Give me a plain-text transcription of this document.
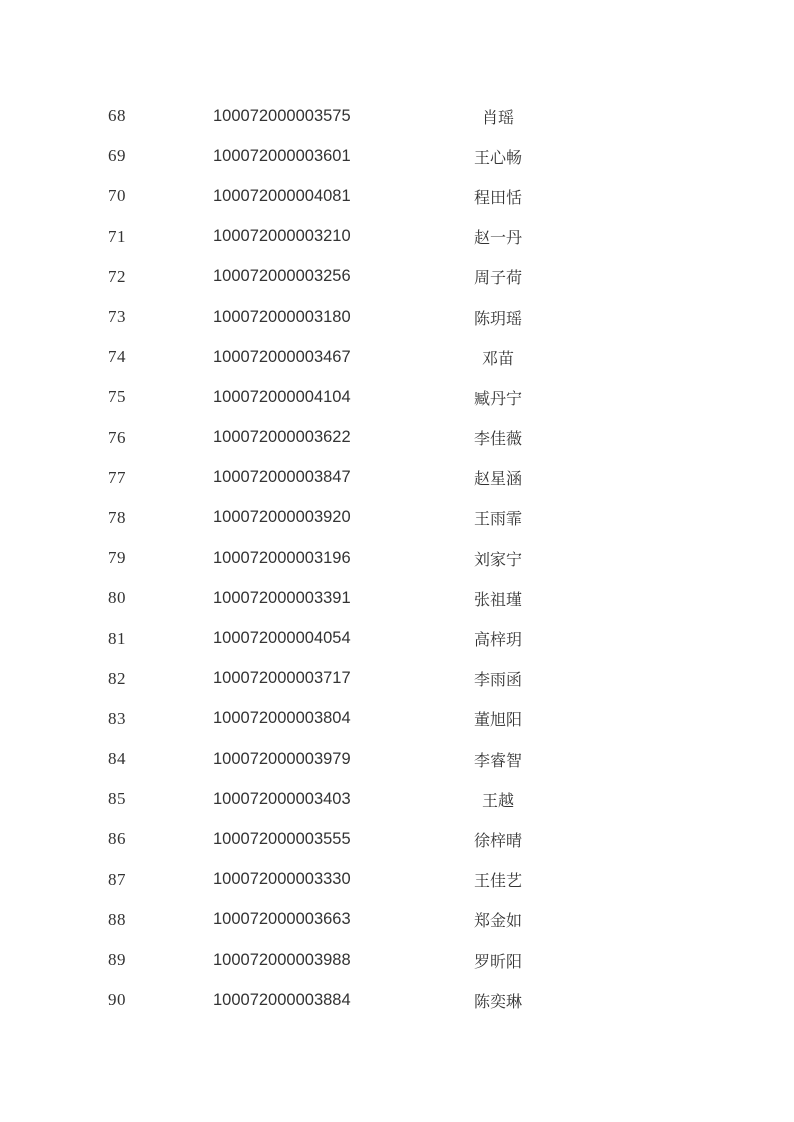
68	100072000003575	肖瑶
69	100072000003601	王心畅
70	100072000004081	程田恬
71	100072000003210	赵一丹
72	100072000003256	周子荷
73	100072000003180	陈玥瑶
74	100072000003467	邓苗
75	100072000004104	臧丹宁
76	100072000003622	李佳薇
77	100072000003847	赵星涵
78	100072000003920	王雨霏
79	100072000003196	刘家宁
80	100072000003391	张祖瑾
81	100072000004054	高梓玥
82	100072000003717	李雨函
83	100072000003804	董旭阳
84	100072000003979	李睿智
85	100072000003403	王越
86	100072000003555	徐梓晴
87	100072000003330	王佳艺
88	100072000003663	郑金如
89	100072000003988	罗昕阳
90	100072000003884	陈奕琳
